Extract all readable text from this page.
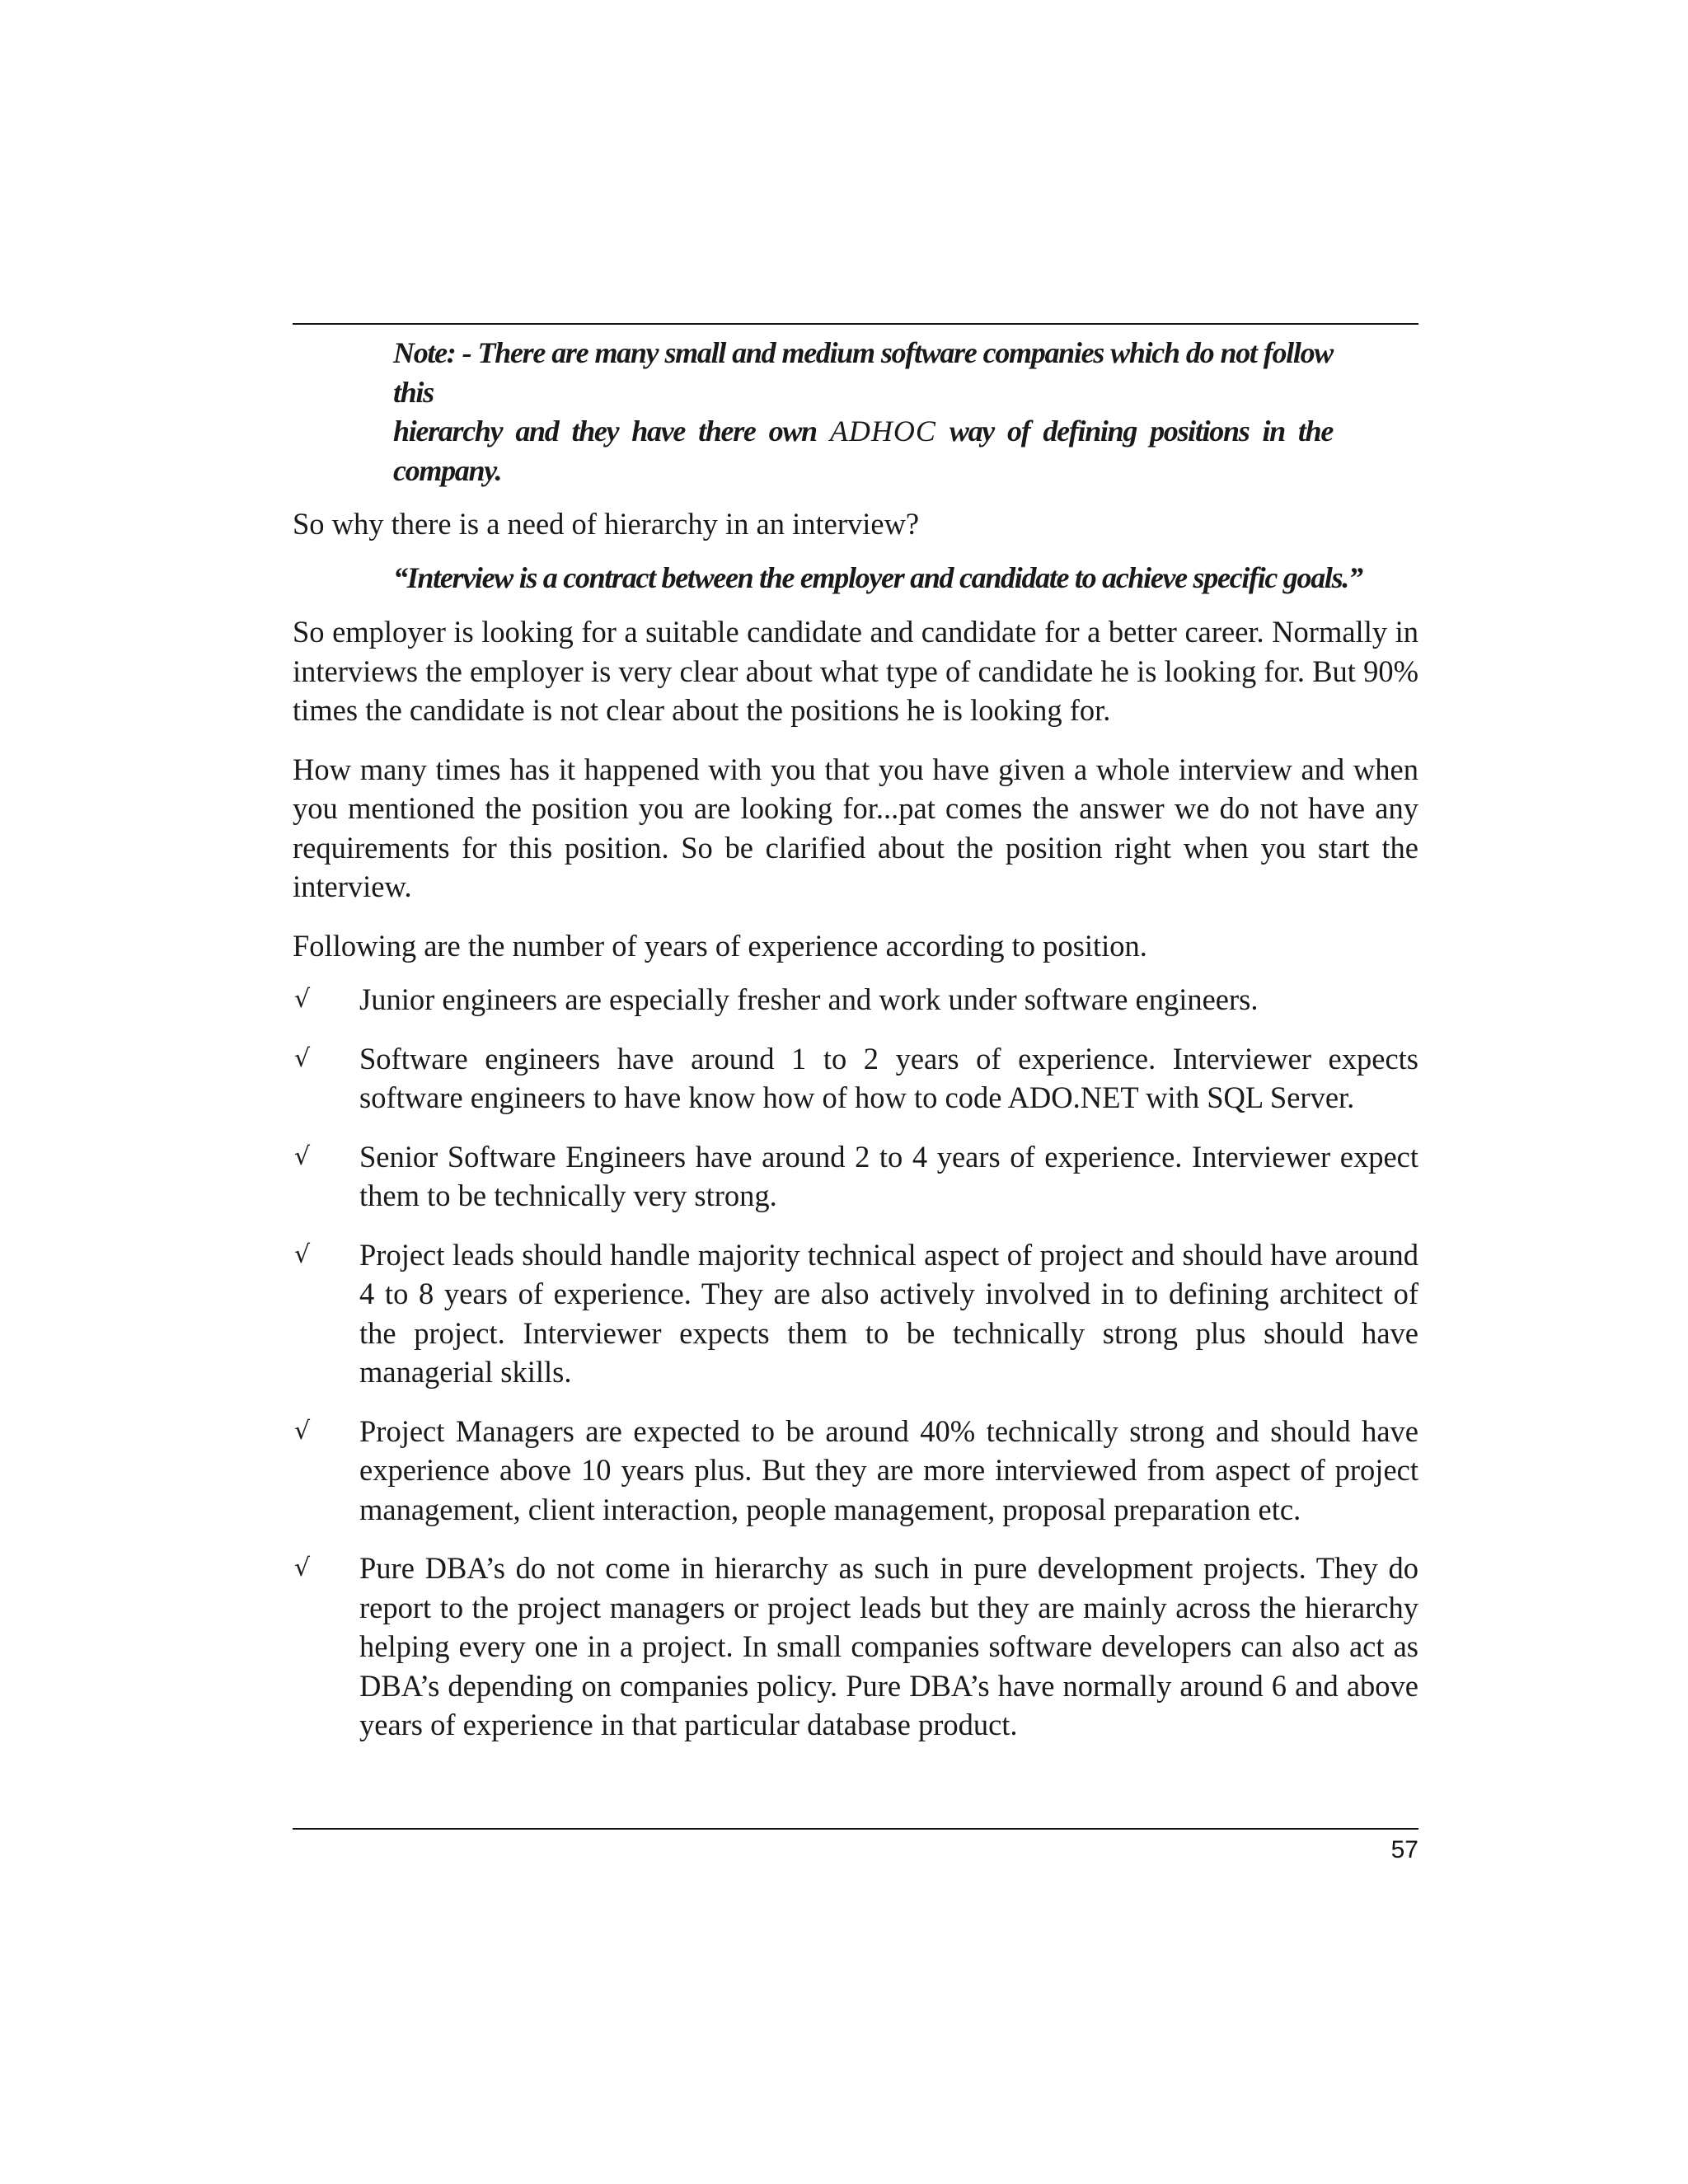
Note: - There are many small and medium software companies which do not follow this
hierarchy and they have there own ADHOC way of defining positions in the company.

So why there is a need of hierarchy in an interview?

“Interview is a contract between the employer and candidate to achieve specific goals.”

So employer is looking for a suitable candidate and candidate for a better career. Normally in interviews the employer is very clear about what type of candidate he is looking for. But 90% times the candidate is not clear about the positions he is looking for.

How many times has it happened with you that you have given a whole interview and when you mentioned the position you are looking for...pat comes the answer we do not have any requirements for this position. So be clarified about the position right when you start the interview.

Following are the number of years of experience according to position.

√ Junior engineers are especially fresher and work under software engineers.
√ Software engineers have around 1 to 2 years of experience. Interviewer expects software engineers to have know how of how to code ADO.NET with SQL Server.
√ Senior Software Engineers have around 2 to 4 years of experience. Interviewer expect them to be technically very strong.
√ Project leads should handle majority technical aspect of project and should have around 4 to 8 years of experience. They are also actively involved in to defining architect of the project. Interviewer expects them to be technically strong plus should have managerial skills.
√ Project Managers are expected to be around 40% technically strong and should have experience above 10 years plus. But they are more interviewed from aspect of project management, client interaction, people management, proposal preparation etc.
√ Pure DBA’s do not come in hierarchy as such in pure development projects. They do report to the project managers or project leads but they are mainly across the hierarchy helping every one in a project. In small companies software developers can also act as DBA’s depending on companies policy. Pure DBA’s have normally around 6 and above years of experience in that particular database product.
57
